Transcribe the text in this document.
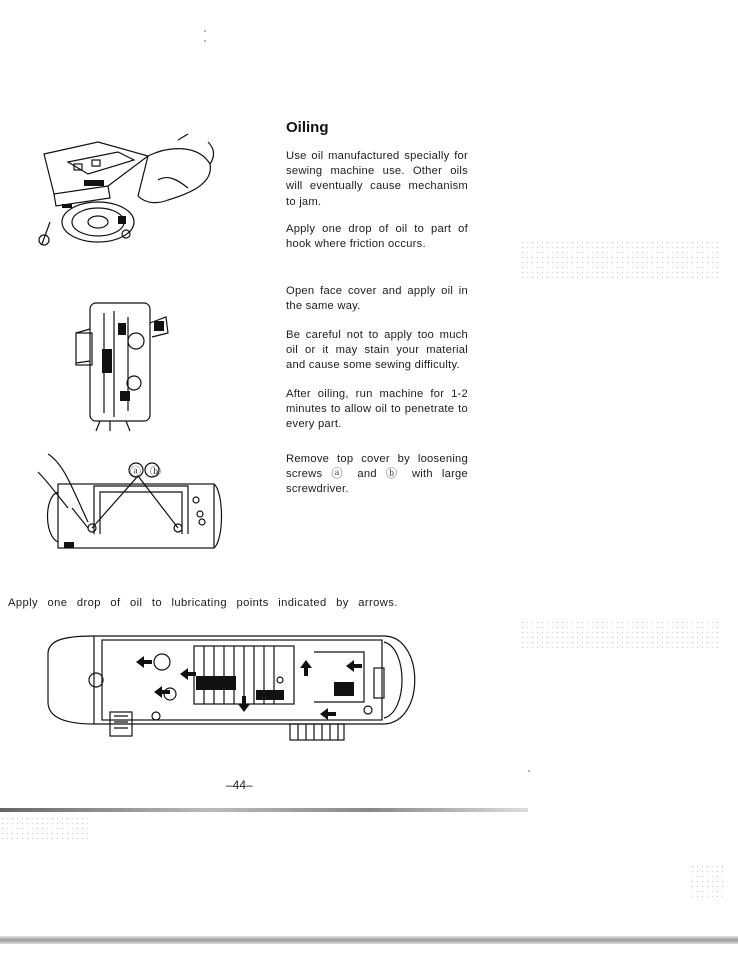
Oiling
Use oil manufactured specially for sewing machine use. Other oils will eventually cause mechanism to jam.
Apply one drop of oil to part of hook where friction occurs.
Open face cover and apply oil in the same way.
Be careful not to apply too much oil or it may stain your material and cause some sewing difficulty.
After oiling, run machine for 1-2 minutes to allow oil to penetrate to every part.
Remove top cover by loosening screws ⓐ and ⓑ with large screwdriver.
Apply one drop of oil to lubricating points indicated by arrows.
–44–
ⓐ ⓑ
